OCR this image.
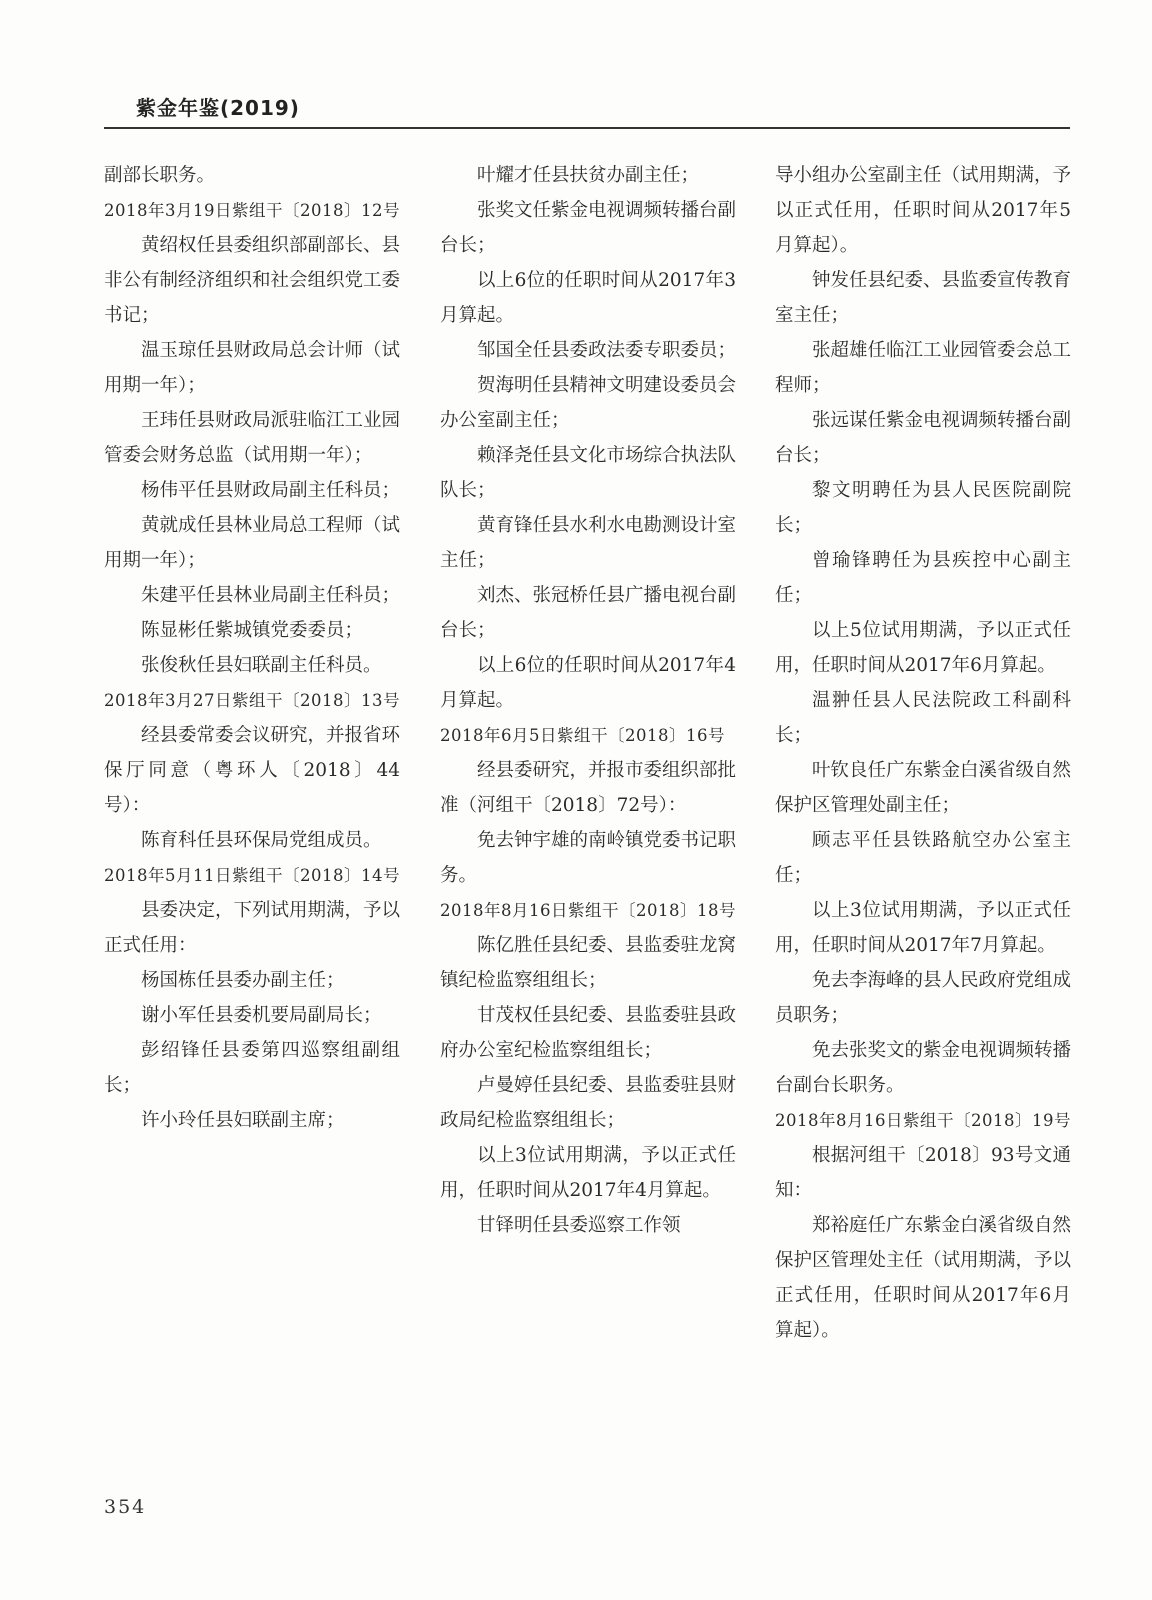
紫金年鉴(2019)

副部长职务。

2018年3月19日紫组干〔2018〕12号

黄绍权任县委组织部副部长、县非公有制经济组织和社会组织党工委书记；

温玉琼任县财政局总会计师（试用期一年）；

王玮任县财政局派驻临江工业园管委会财务总监（试用期一年）；

杨伟平任县财政局副主任科员；

黄就成任县林业局总工程师（试用期一年）；

朱建平任县林业局副主任科员；

陈显彬任紫城镇党委委员；

张俊秋任县妇联副主任科员。

2018年3月27日紫组干〔2018〕13号

经县委常委会议研究，并报省环保厅同意（粤环人〔2018〕44号）：

陈育科任县环保局党组成员。

2018年5月11日紫组干〔2018〕14号

县委决定，下列试用期满，予以正式任用：

杨国栋任县委办副主任；

谢小军任县委机要局副局长；

彭绍锋任县委第四巡察组副组长；

许小玲任县妇联副主席；

叶耀才任县扶贫办副主任；

张奖文任紫金电视调频转播台副台长；

以上6位的任职时间从2017年3月算起。

邹国全任县委政法委专职委员；

贺海明任县精神文明建设委员会办公室副主任；

赖泽尧任县文化市场综合执法队队长；

黄育锋任县水利水电勘测设计室主任；

刘杰、张冠桥任县广播电视台副台长；

以上6位的任职时间从2017年4月算起。

2018年6月5日紫组干〔2018〕16号

经县委研究，并报市委组织部批准（河组干〔2018〕72号）：

免去钟宇雄的南岭镇党委书记职务。

2018年8月16日紫组干〔2018〕18号

陈亿胜任县纪委、县监委驻龙窝镇纪检监察组组长；

甘茂权任县纪委、县监委驻县政府办公室纪检监察组组长；

卢曼婷任县纪委、县监委驻县财政局纪检监察组组长；

以上3位试用期满，予以正式任用，任职时间从2017年4月算起。

甘铎明任县委巡察工作领

导小组办公室副主任（试用期满，予以正式任用，任职时间从2017年5月算起）。

钟发任县纪委、县监委宣传教育室主任；

张超雄任临江工业园管委会总工程师；

张远谋任紫金电视调频转播台副台长；

黎文明聘任为县人民医院副院长；

曾瑜锋聘任为县疾控中心副主任；

以上5位试用期满，予以正式任用，任职时间从2017年6月算起。

温翀任县人民法院政工科副科长；

叶钦良任广东紫金白溪省级自然保护区管理处副主任；

顾志平任县铁路航空办公室主任；

以上3位试用期满，予以正式任用，任职时间从2017年7月算起。

免去李海峰的县人民政府党组成员职务；

免去张奖文的紫金电视调频转播台副台长职务。

2018年8月16日紫组干〔2018〕19号

根据河组干〔2018〕93号文通知：

郑裕庭任广东紫金白溪省级自然保护区管理处主任（试用期满，予以正式任用，任职时间从2017年6月算起）。

354
